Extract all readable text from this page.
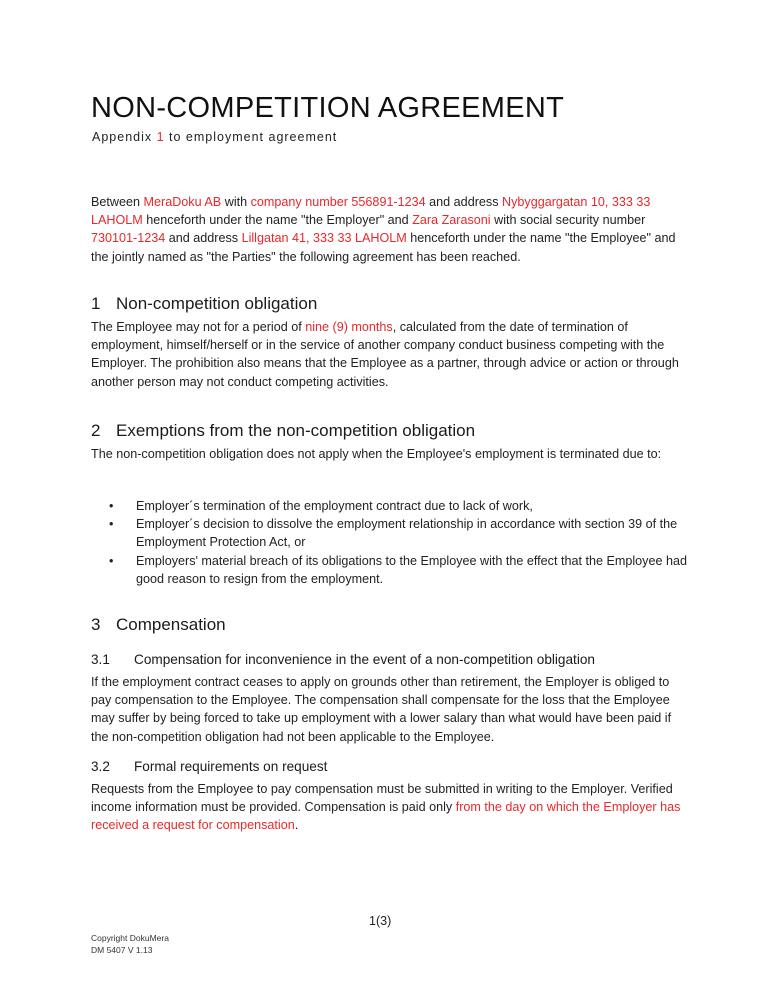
NON-COMPETITION AGREEMENT
Appendix 1 to employment agreement
Between MeraDoku AB with company number 556891-1234 and address Nybyggargatan 10, 333 33 LAHOLM henceforth under the name "the Employer" and Zara Zarasoni with social security number 730101-1234 and address Lillgatan 41, 333 33 LAHOLM henceforth under the name "the Employee" and the jointly named as "the Parties" the following agreement has been reached.
1 Non-competition obligation
The Employee may not for a period of nine (9) months, calculated from the date of termination of employment, himself/herself or in the service of another company conduct business competing with the Employer. The prohibition also means that the Employee as a partner, through advice or action or through another person may not conduct competing activities.
2 Exemptions from the non-competition obligation
The non-competition obligation does not apply when the Employee's employment is terminated due to:
• Employer´s termination of the employment contract due to lack of work,
• Employer´s decision to dissolve the employment relationship in accordance with section 39 of the Employment Protection Act, or
• Employers' material breach of its obligations to the Employee with the effect that the Employee had good reason to resign from the employment.
3 Compensation
3.1 Compensation for inconvenience in the event of a non-competition obligation
If the employment contract ceases to apply on grounds other than retirement, the Employer is obliged to pay compensation to the Employee. The compensation shall compensate for the loss that the Employee may suffer by being forced to take up employment with a lower salary than what would have been paid if the non-competition obligation had not been applicable to the Employee.
3.2 Formal requirements on request
Requests from the Employee to pay compensation must be submitted in writing to the Employer. Verified income information must be provided. Compensation is paid only from the day on which the Employer has received a request for compensation.
1(3)
Copyright DokuMera
DM 5407 V 1.13
